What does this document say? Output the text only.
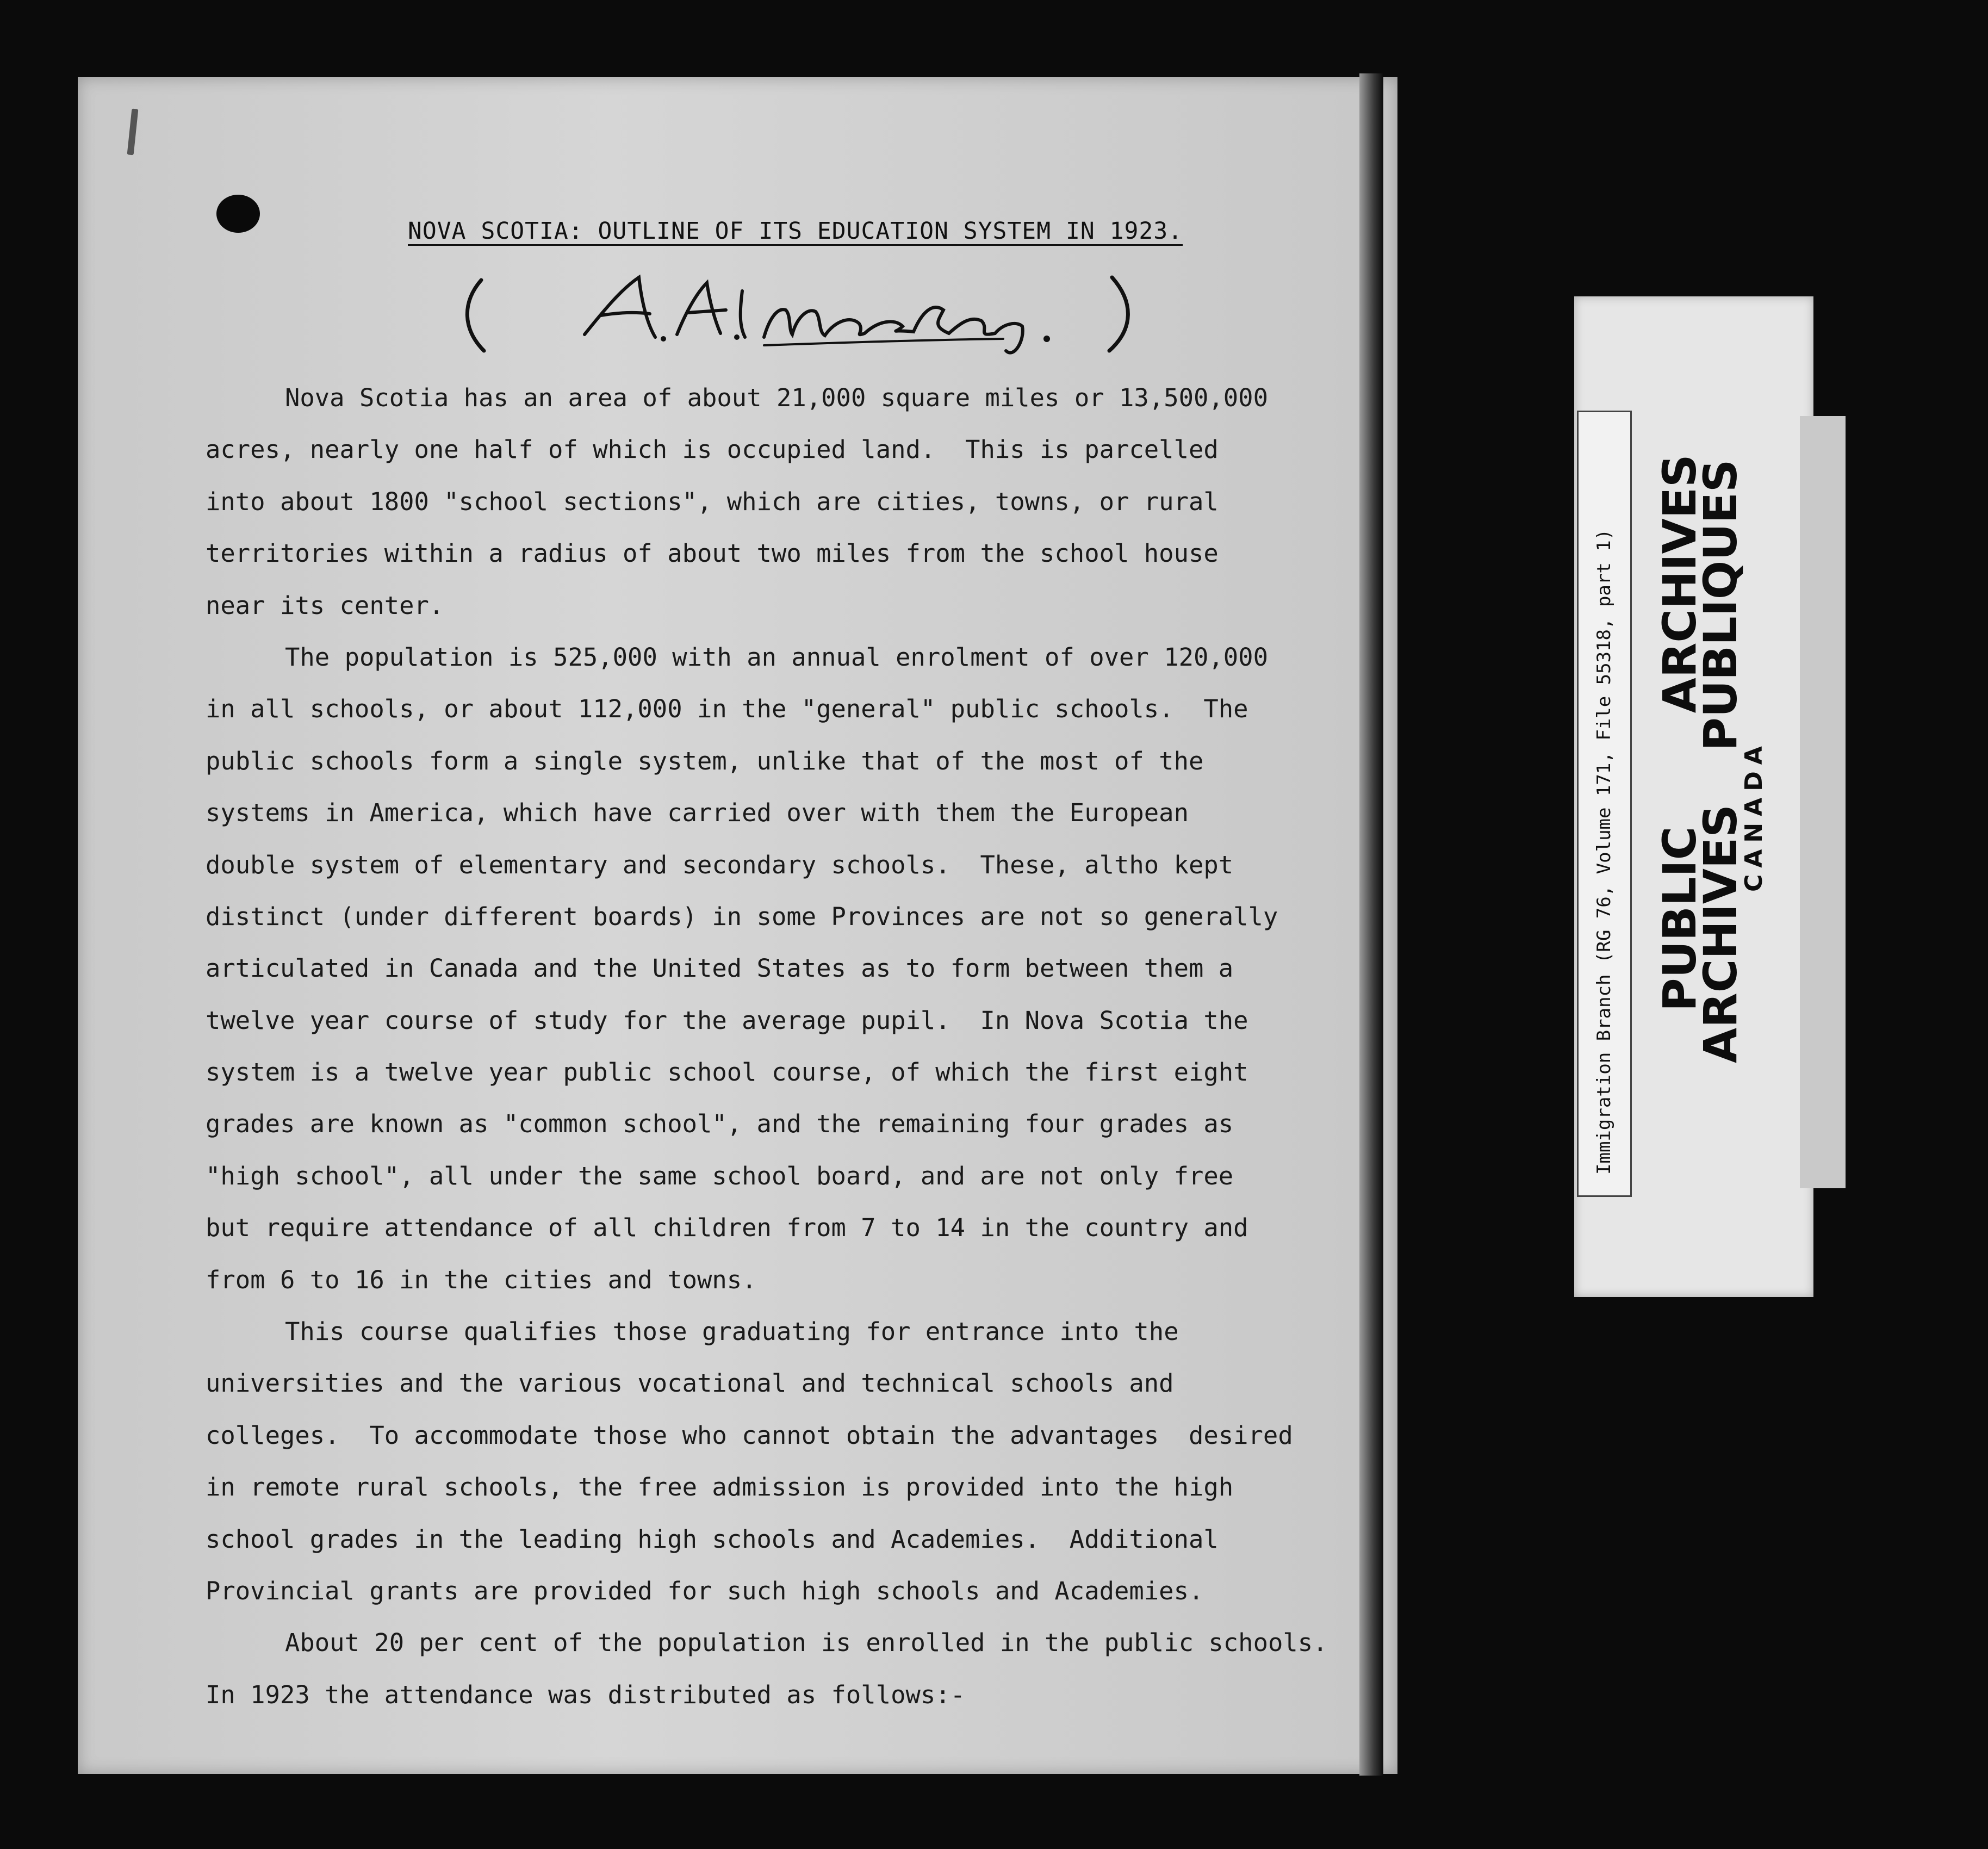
NOVA SCOTIA: OUTLINE OF ITS EDUCATION SYSTEM IN 1923.
Nova Scotia has an area of about 21,000 square miles or 13,500,000
acres, nearly one half of which is occupied land.  This is parcelled
into about 1800 "school sections", which are cities, towns, or rural
territories within a radius of about two miles from the school house
near its center.
The population is 525,000 with an annual enrolment of over 120,000
in all schools, or about 112,000 in the "general" public schools.  The
public schools form a single system, unlike that of the most of the
systems in America, which have carried over with them the European
double system of elementary and secondary schools.  These, altho kept
distinct (under different boards) in some Provinces are not so generally
articulated in Canada and the United States as to form between them a
twelve year course of study for the average pupil.  In Nova Scotia the
system is a twelve year public school course, of which the first eight
grades are known as "common school", and the remaining four grades as
"high school", all under the same school board, and are not only free
but require attendance of all children from 7 to 14 in the country and
from 6 to 16 in the cities and towns.
This course qualifies those graduating for entrance into the
universities and the various vocational and technical schools and
colleges.  To accommodate those who cannot obtain the advantages  desired
in remote rural schools, the free admission is provided into the high
school grades in the leading high schools and Academies.  Additional
Provincial grants are provided for such high schools and Academies.
About 20 per cent of the population is enrolled in the public schools.
In 1923 the attendance was distributed as follows:-
Immigration Branch (RG 76, Volume 171, File 55318, part 1) PUBLIC  ARCHIVES
ARCHIVES  PUBLIQUES
CANADA
